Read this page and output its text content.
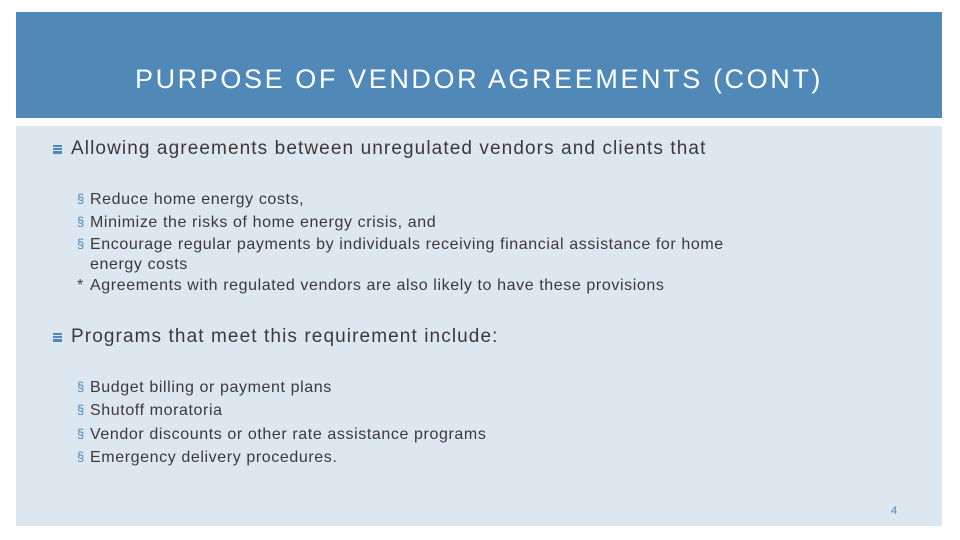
PURPOSE OF VENDOR AGREEMENTS (CONT)
Allowing agreements between unregulated vendors and clients that
§ Reduce home energy costs,
§ Minimize the risks of home energy crisis, and
§ Encourage regular payments by individuals receiving financial assistance for home
energy costs
* Agreements with regulated vendors are also likely to have these provisions
Programs that meet this requirement include:
§ Budget billing or payment plans
§ Shutoff moratoria
§ Vendor discounts or other rate assistance programs
§ Emergency delivery procedures.
4
